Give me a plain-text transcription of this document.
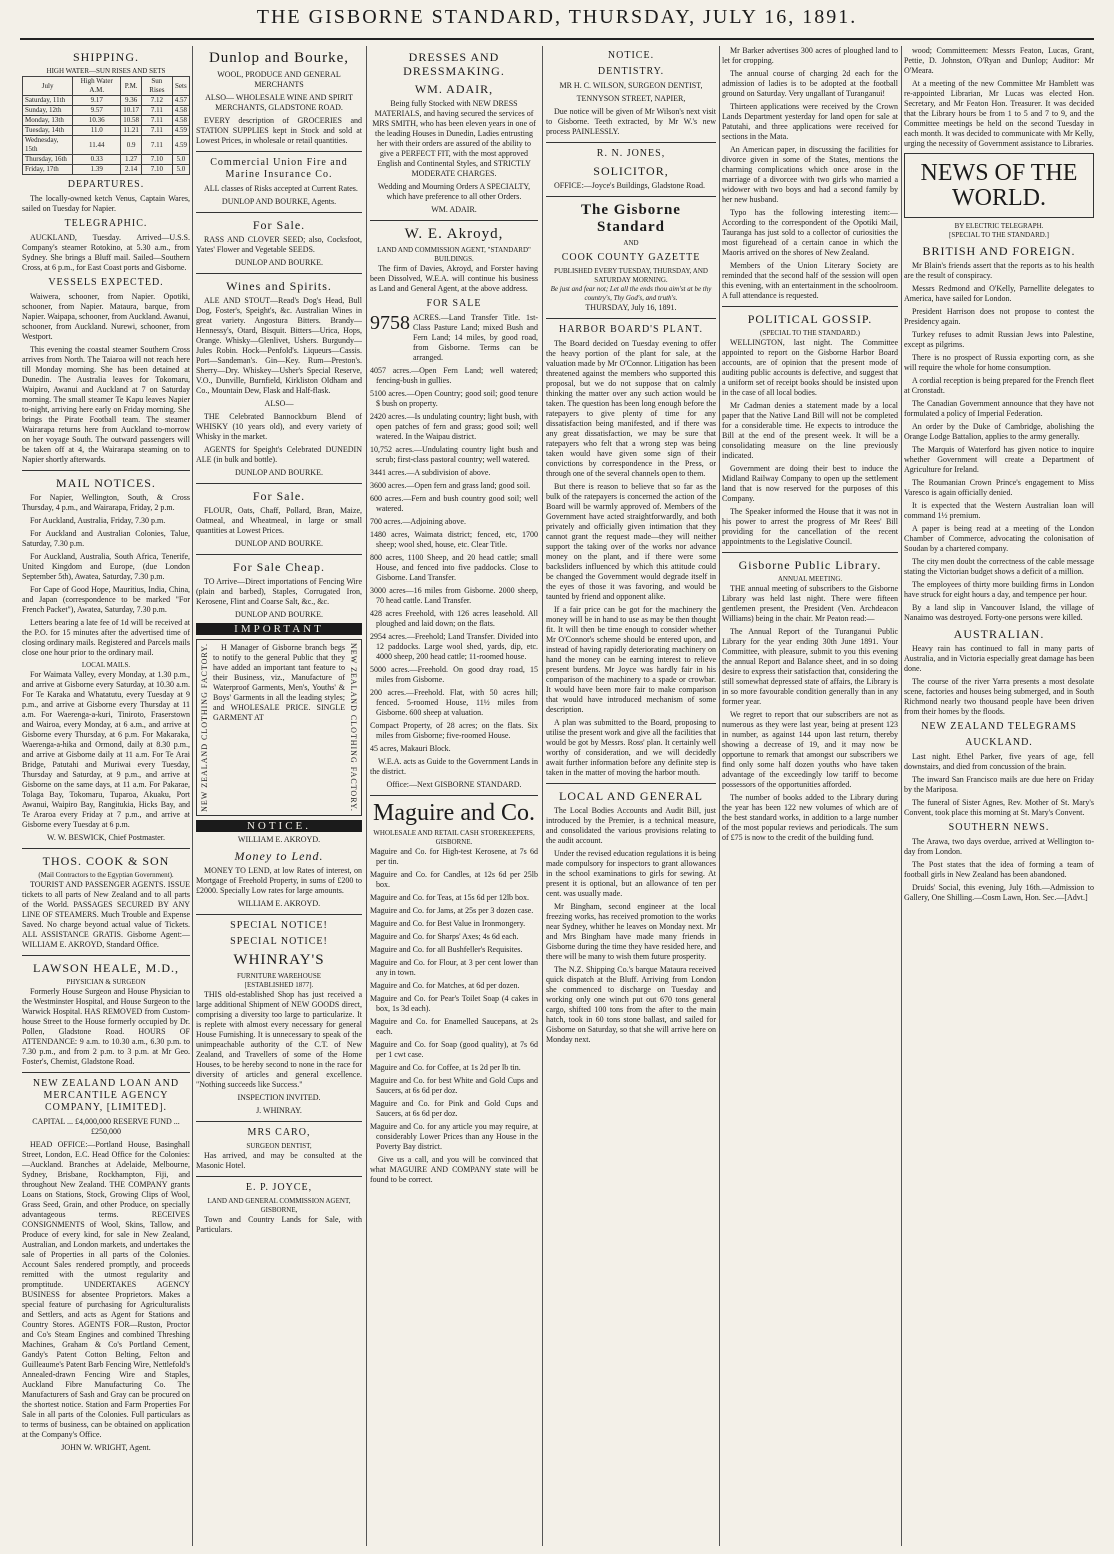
THE GISBORNE STANDARD, THURSDAY, JULY 16, 1891.
SHIPPING.
HIGH WATER—SUN RISES AND SETS
July	High Water A.M.	P.M.	Sun Rises	Sets
Saturday, 11th	9.17	9.36	7.12	4.57
Sunday, 12th	9.57	10.17	7.11	4.58
Monday, 13th	10.36	10.58	7.11	4.58
Tuesday, 14th	11.0	11.21	7.11	4.59
Wednesday, 15th	11.44	0.9	7.11	4.59
Thursday, 16th	0.33	1.27	7.10	5.0
Friday, 17th	1.39	2.14	7.10	5.0
DEPARTURES.

The locally-owned ketch Venus, Captain Wares, sailed on Tuesday for Napier.

TELEGRAPHIC.

AUCKLAND, Tuesday. Arrived—U.S.S. Company's steamer Rotokino, at 5.30 a.m., from Sydney. She brings a Bluff mail. Sailed—Southern Cross, at 6 p.m., for East Coast ports and Gisborne.

VESSELS EXPECTED.

Waiwera, schooner, from Napier. Opotiki, schooner, from Napier. Mataura, barque, from Napier. Waipapa, schooner, from Auckland. Awanui, schooner, from Auckland. Nurewi, schooner, from Westport.

This evening the coastal steamer Southern Cross arrives from North. The Taiaroa will not reach here till Monday morning. She has been detained at Dunedin. The Australia leaves for Tokomaru, Waipiro, Awanui and Auckland at 7 on Saturday morning. The small steamer Te Kapu leaves Napier to-night, arriving here early on Friday morning. She brings the Pirate Football team. The steamer Wairarapa returns here from Auckland to-morrow on her voyage South. The outward passengers will be taken off at 4, the Wairarapa steaming on to Napier shortly afterwards.

MAIL NOTICES.

For Napier, Wellington, South, & Cross Thursday, 4 p.m., and Wairarapa, Friday, 2 p.m.

For Auckland, Australia, Friday, 7.30 p.m.

For Auckland and Australian Colonies, Talue, Saturday, 7.30 p.m.

For Auckland, Australia, South Africa, Tenerife, United Kingdom and Europe, (due London September 5th), Awatea, Saturday, 7.30 p.m.

For Cape of Good Hope, Mauritius, India, China, and Japan (correspondence to be marked "For French Packet"), Awatea, Saturday, 7.30 p.m.

Letters bearing a late fee of 1d will be received at the P.O. for 15 minutes after the advertised time of closing ordinary mails. Registered and Parcels mails close one hour prior to the ordinary mail.

LOCAL MAILS.

For Waimata Valley, every Monday, at 1.30 p.m., and arrive at Gisborne every Saturday, at 10.30 a.m. For Te Karaka and Whatatutu, every Tuesday at 9 p.m., and arrive at Gisborne every Thursday at 11 a.m. For Waerenga-a-kuri, Tiniroto, Fraserstown and Wairoa, every Monday, at 6 a.m., and arrive at Gisborne every Thursday, at 6 p.m. For Makaraka, Waerenga-a-hika and Ormond, daily at 8.30 p.m., and arrive at Gisborne daily at 11 a.m. For Te Arai Bridge, Patutahi and Muriwai every Tuesday, Thursday and Saturday, at 9 p.m., and arrive at Gisborne on the same days, at 11 a.m. For Pakarae, Tolaga Bay, Tokomaru, Tuparoa, Akuaku, Port Awanui, Waipiro Bay, Rangitukia, Hicks Bay, and Te Araroa every Friday at 7 p.m., and arrive at Gisborne every Tuesday at 6 p.m.

W. W. BESWICK, Chief Postmaster.

THOS. COOK & SON
(Mail Contractors to the Egyptian Government).

TOURIST AND PASSENGER AGENTS. ISSUE tickets to all parts of New Zealand and to all parts of the World. PASSAGES SECURED BY ANY LINE OF STEAMERS. Much Trouble and Expense Saved. No charge beyond actual value of Tickets. ALL ASSISTANCE GRATIS. Gisborne Agent:—WILLIAM E. AKROYD, Standard Office.

LAWSON HEALE, M.D.,
PHYSICIAN & SURGEON

Formerly House Surgeon and House Physician to the Westminster Hospital, and House Surgeon to the Warwick Hospital. HAS REMOVED from Custom-house Street to the House formerly occupied by Dr. Pollen, Gladstone Road. HOURS OF ATTENDANCE: 9 a.m. to 10.30 a.m., 6.30 p.m. to 7.30 p.m., and from 2 p.m. to 3 p.m. at Mr Geo. Foster's, Chemist, Gladstone Road.

NEW ZEALAND LOAN AND MERCANTILE AGENCY COMPANY, [LIMITED].

CAPITAL ... £4,000,000 RESERVE FUND ... £250,000

HEAD OFFICE:—Portland House, Basinghall Street, London, E.C. Head Office for the Colonies:—Auckland. Branches at Adelaide, Melbourne, Sydney, Brisbane, Rockhampton, Fiji, and throughout New Zealand. THE COMPANY grants Loans on Stations, Stock, Growing Clips of Wool, Grass Seed, Grain, and other Produce, on specially advantageous terms. RECEIVES CONSIGNMENTS of Wool, Skins, Tallow, and Produce of every kind, for sale in New Zealand, Australian, and London markets, and undertakes the sale of Properties in all parts of the Colonies. Account Sales rendered promptly, and proceeds remitted with the utmost regularity and promptitude. UNDERTAKES AGENCY BUSINESS for absentee Proprietors. Makes a special feature of purchasing for Agriculturalists and Settlers, and acts as Agent for Stations and Country Stores. AGENTS FOR—Ruston, Proctor and Co's Steam Engines and combined Threshing Machines, Graham & Co's Portland Cement, Gandy's Patent Cotton Belting, Felton and Guilleaume's Patent Barb Fencing Wire, Nettlefold's Annealed-drawn Fencing Wire and Staples, Auckland Fibre Manufacturing Co. The Manufacturers of Sash and Gray can be procured on the shortest notice. Station and Farm Properties For Sale in all parts of the Colonies. Full particulars as to terms of business, can be obtained on application at the Company's Office.

JOHN W. WRIGHT, Agent.

Dunlop and Bourke,

WOOL, PRODUCE AND GENERAL MERCHANTS

ALSO— WHOLESALE WINE AND SPIRIT MERCHANTS, GLADSTONE ROAD.

EVERY description of GROCERIES and STATION SUPPLIES kept in Stock and sold at Lowest Prices, in wholesale or retail quantities.

Commercial Union Fire and Marine Insurance Co.

ALL classes of Risks accepted at Current Rates.

DUNLOP AND BOURKE, Agents.

For Sale.

RASS AND CLOVER SEED; also, Cocksfoot, Yates' Flower and Vegetable SEEDS.

DUNLOP AND BOURKE.

Wines and Spirits.

ALE AND STOUT—Read's Dog's Head, Bull Dog, Foster's, Speight's, &c. Australian Wines in great variety. Angostura Bitters. Brandy—Hennessy's, Otard, Bisquit. Bitters—Urica, Hops, Orange. Whisky—Glenlivet, Ushers. Burgundy—Jules Robin. Hock—Penfold's. Liqueurs—Cassis. Port—Sandeman's. Gin—Key. Rum—Preston's. Sherry—Dry. Whiskey—Usher's Special Reserve, V.O., Dunville, Burnfield, Kirkliston Oldham and Co., Mountain Dew, Flask and Half-flask.

ALSO—

THE Celebrated Bannockburn Blend of WHISKY (10 years old), and every variety of Whisky in the market.

AGENTS for Speight's Celebrated DUNEDIN ALE (in bulk and bottle).

DUNLOP AND BOURKE.

For Sale.

FLOUR, Oats, Chaff, Pollard, Bran, Maize, Oatmeal, and Wheatmeal, in large or small quantities at Lowest Prices.

DUNLOP AND BOURKE.

For Sale Cheap.

TO Arrive—Direct importations of Fencing Wire (plain and barbed), Staples, Corrugated Iron, Kerosene, Flint and Coarse Salt, &c., &c.

DUNLOP AND BOURKE.

IMPORTANT
NEW ZEALAND CLOTHING FACTORY.	H Manager of Gisborne branch begs to notify to the general Public that they have added an important tant feature to their Business, viz., Manufacture of Waterproof Garments, Men's, Youths' & Boys' Garments in all the leading styles; and WHOLESALE PRICE. SINGLE GARMENT AT	NEW ZEALAND CLOTHING FACTORY.
NOTICE.

WILLIAM E. AKROYD.

Money to Lend.

MONEY TO LEND, at low Rates of interest, on Mortgage of Freehold Property, in sums of £200 to £2000. Specially Low rates for large amounts.

WILLIAM E. AKROYD.

SPECIAL NOTICE!
SPECIAL NOTICE!
WHINRAY'S
FURNITURE WAREHOUSE
[ESTABLISHED 1877].

THIS old-established Shop has just received a large additional Shipment of NEW GOODS direct, comprising a diversity too large to particularize. It is replete with almost every necessary for general House Furnishing. It is unnecessary to speak of the unimpeachable authority of the C.T. of New Zealand, and Travellers of some of the Home Houses, to be hereby second to none in the race for diversity of articles and general excellence. "Nothing succeeds like Success."

INSPECTION INVITED.

J. WHINRAY.

MRS CARO,
SURGEON DENTIST,

Has arrived, and may be consulted at the Masonic Hotel.

E. P. JOYCE,
LAND AND GENERAL COMMISSION AGENT, GISBORNE,

Town and Country Lands for Sale, with Particulars.

DRESSES AND DRESSMAKING.
WM. ADAIR,

Being fully Stocked with NEW DRESS MATERIALS, and having secured the services of MRS SMITH, who has been eleven years in one of the leading Houses in Dunedin, Ladies entrusting her with their orders are assured of the ability to give a PERFECT FIT, with the most approved English and Continental Styles, and STRICTLY MODERATE CHARGES.

Wedding and Mourning Orders A SPECIALTY, which have preference to all other Orders.

WM. ADAIR.

W. E. Akroyd,
LAND AND COMMISSION AGENT, "STANDARD" BUILDINGS.

The firm of Davies, Akroyd, and Forster having been Dissolved, W.E.A. will continue his business as Land and General Agent, at the above address.

FOR SALE
9758 ACRES.—Land Transfer Title. 1st-Class Pasture Land; mixed Bush and Fern Land; 14 miles, by good road, from Gisborne. Terms can be arranged.

4057 acres.—Open Fern Land; well watered; fencing-bush in gullies.

5100 acres.—Open Country; good soil; good tenure $ bush on property.

2420 acres.—Is undulating country; light bush, with open patches of fern and grass; good soil; well watered. In the Waipau district.

10,752 acres.—Undulating country light bush and scrub; first-class pastoral country; well watered.

3441 acres.—A subdivision of above.

3600 acres.—Open fern and grass land; good soil.

600 acres.—Fern and bush country good soil; well watered.

700 acres.—Adjoining above.

1480 acres, Waimata district; fenced, etc, 1700 sheep; wool shed, house, etc. Clear Title.

800 acres, 1100 Sheep, and 20 head cattle; small House, and fenced into five paddocks. Close to Gisborne. Land Transfer.

3000 acres—16 miles from Gisborne. 2000 sheep, 70 head cattle. Land Transfer.

428 acres Freehold, with 126 acres leasehold. All ploughed and laid down; on the flats.

2954 acres.—Freehold; Land Transfer. Divided into 12 paddocks. Large wool shed, yards, dip, etc. 4000 sheep, 200 head cattle; 11-roomed house.

5000 acres.—Freehold. On good dray road, 15 miles from Gisborne.

200 acres.—Freehold. Flat, with 50 acres hill; fenced. 5-roomed House, 11½ miles from Gisborne. 600 sheep at valuation.

Compact Property, of 28 acres; on the flats. Six miles from Gisborne; five-roomed House.

45 acres, Makauri Block.

W.E.A. acts as Guide to the Government Lands in the district.

Office:—Next GISBORNE STANDARD.

Maguire and Co.
WHOLESALE AND RETAIL CASH STOREKEEPERS, GISBORNE.

Maguire and Co. for High-test Kerosene, at 7s 6d per tin.

Maguire and Co. for Candles, at 12s 6d per 25lb box.

Maguire and Co. for Teas, at 15s 6d per 12lb box.

Maguire and Co. for Jams, at 25s per 3 dozen case.

Maguire and Co. for Best Value in Ironmongery.

Maguire and Co. for Sharps' Axes; 4s 6d each.

Maguire and Co. for all Bushfeller's Requisites.

Maguire and Co. for Flour, at 3 per cent lower than any in town.

Maguire and Co. for Matches, at 6d per dozen.

Maguire and Co. for Pear's Toilet Soap (4 cakes in box, 1s 3d each).

Maguire and Co. for Enamelled Saucepans, at 2s each.

Maguire and Co. for Soap (good quality), at 7s 6d per 1 cwt case.

Maguire and Co. for Coffee, at 1s 2d per lb tin.

Maguire and Co. for best White and Gold Cups and Saucers, at 6s 6d per doz.

Maguire and Co. for Pink and Gold Cups and Saucers, at 6s 6d per doz.

Maguire and Co. for any article you may require, at considerably Lower Prices than any House in the Poverty Bay district.

Give us a call, and you will be convinced that what MAGUIRE AND COMPANY state will be found to be correct.

NOTICE.
DENTISTRY.

MR H. C. WILSON, SURGEON DENTIST,

TENNYSON STREET, NAPIER,

Due notice will be given of Mr Wilson's next visit to Gisborne. Teeth extracted, by Mr W.'s new process PAINLESSLY.

R. N. JONES,
SOLICITOR,

OFFICE:—Joyce's Buildings, Gladstone Road.

The Gisborne Standard
AND
COOK COUNTY GAZETTE
PUBLISHED EVERY TUESDAY, THURSDAY, AND SATURDAY MORNING.
Be just and fear not; Let all the ends thou aim'st at be thy country's, Thy God's, and truth's.

THURSDAY, July 16, 1891.

HARBOR BOARD'S PLANT.

The Board decided on Tuesday evening to offer the heavy portion of the plant for sale, at the valuation made by Mr O'Connor. Litigation has been threatened against the members who supported this proposal, but we do not suppose that on calmly thinking the matter over any such action would be taken. The question has been long enough before the ratepayers to give plenty of time for any dissatisfaction being manifested, and if there was any great dissatisfaction, we may be sure that ratepayers who felt that a wrong step was being taken would have given some sign of their convictions by correspondence in the Press, or through one of the several channels open to them.

But there is reason to believe that so far as the bulk of the ratepayers is concerned the action of the Board will be warmly approved of. Members of the Government have acted straightforwardly, and both privately and officially given intimation that they cannot grant the request made—they will neither support the taking over of the works nor advance money on the plant, and if there were some backsliders influenced by which this attitude could be changed the Government would degrade itself in the eyes of those it was favoring, and would be taunted by friend and opponent alike.

If a fair price can be got for the machinery the money will be in hand to use as may be then thought fit. It will then be time enough to consider whether Mr O'Connor's scheme should be entered upon, and instead of having rapidly deteriorating machinery on hand the money can be earning interest to relieve present burdens. Mr Joyce was hardly fair in his comparison of the machinery to a spade or crowbar. It would have been more fair to make comparison that would have introduced mechanism of some description.

A plan was submitted to the Board, proposing to utilise the present work and give all the facilities that would be got by Messrs. Ross' plan. It certainly well worthy of consideration, and we will decidedly await further information before any definite step is taken in the matter of moving the harbor mouth.

LOCAL AND GENERAL

The Local Bodies Accounts and Audit Bill, just introduced by the Premier, is a technical measure, and consolidated the various provisions relating to the audit account.

Under the revised education regulations it is being made compulsory for inspectors to grant allowances in the school examinations to girls for sewing. At present it is optional, but an allowance of ten per cent. was usually made.

Mr Bingham, second engineer at the local freezing works, has received promotion to the works near Sydney, whither he leaves on Monday next. Mr and Mrs Bingham have made many friends in Gisborne during the time they have resided here, and there will be many to wish them future prosperity.

The N.Z. Shipping Co.'s barque Mataura received quick dispatch at the Bluff. Arriving from London she commenced to discharge on Tuesday and working only one winch put out 670 tons general cargo, shifted 100 tons from the after to the main hatch, took in 60 tons stone ballast, and sailed for Gisborne on Saturday, so that she will arrive here on Monday next.

Mr Barker advertises 300 acres of ploughed land to let for cropping.

The annual course of charging 2d each for the admission of ladies is to be adopted at the football ground on Saturday. Very ungallant of Turanganui!

Thirteen applications were received by the Crown Lands Department yesterday for land open for sale at Patutahi, and three applications were received for sections in the Mata.

An American paper, in discussing the facilities for divorce given in some of the States, mentions the charming complications which once arose in the marriage of a divorcee with two girls who married a widower with two boys and had a second family by her new husband.

Typo has the following interesting item:—According to the correspondent of the Opotiki Mail, Tauranga has just sold to a collector of curiosities the most figurehead of a certain canoe in which the Maoris arrived on the shores of New Zealand.

Members of the Union Literary Society are reminded that the second half of the session will open this evening, with an entertainment in the schoolroom. A full attendance is requested.

POLITICAL GOSSIP.
(SPECIAL TO THE STANDARD.)

WELLINGTON, last night. The Committee appointed to report on the Gisborne Harbor Board accounts, are of opinion that the present mode of auditing public accounts is defective, and suggest that a uniform set of receipt books should be insisted upon in the case of all local bodies.

Mr Cadman denies a statement made by a local paper that the Native Land Bill will not be completed for a considerable time. He expects to introduce the Bill at the end of the present week. It will be a consolidating measure on the line previously indicated.

Government are doing their best to induce the Midland Railway Company to open up the settlement land that is now reserved for the purposes of this Company.

The Speaker informed the House that it was not in his power to arrest the progress of Mr Rees' Bill providing for the cancellation of the recent appointments to the Legislative Council.

Gisborne Public Library.
ANNUAL MEETING.

THE annual meeting of subscribers to the Gisborne Library was held last night. There were fifteen gentlemen present, the President (Ven. Archdeacon Williams) being in the chair. Mr Peaton read:—

The Annual Report of the Turanganui Public Library for the year ending 30th June 1891. Your Committee, with pleasure, submit to you this evening the annual Report and Balance sheet, and in so doing desire to express their satisfaction that, considering the still somewhat depressed state of affairs, the Library is in so more favourable condition generally than in any former year.

We regret to report that our subscribers are not as numerous as they were last year, being at present 123 in number, as against 144 upon last return, thereby showing a decrease of 19, and it may now be opportune to remark that amongst our subscribers we find only some half dozen youths who have taken advantage of the exceedingly low tariff to become possessors of the opportunities afforded.

The number of books added to the Library during the year has been 122 new volumes of which are of the best standard works, in addition to a large number of the most popular reviews and periodicals. The sum of £75 is now to the credit of the building fund.

wood; Committeemen: Messrs Featon, Lucas, Grant, Pettie, D. Johnston, O'Ryan and Dunlop; Auditor: Mr O'Meara.

At a meeting of the new Committee Mr Hamblett was re-appointed Librarian, Mr Lucas was elected Hon. Secretary, and Mr Featon Hon. Treasurer. It was decided that the Library hours be from 1 to 5 and 7 to 9, and the Committee meetings be held on the second Tuesday in each month. It was decided to communicate with Mr Kelly, urging the necessity of Government assistance to Libraries.

NEWS OF THE WORLD.
BY ELECTRIC TELEGRAPH.
[SPECIAL TO THE STANDARD.]
BRITISH AND FOREIGN.

Mr Blain's friends assert that the reports as to his health are the result of conspiracy.

Messrs Redmond and O'Kelly, Parnellite delegates to America, have sailed for London.

President Harrison does not propose to contest the Presidency again.

Turkey refuses to admit Russian Jews into Palestine, except as pilgrims.

There is no prospect of Russia exporting corn, as she will require the whole for home consumption.

A cordial reception is being prepared for the French fleet at Cronstadt.

The Canadian Government announce that they have not formulated a policy of Imperial Federation.

An order by the Duke of Cambridge, abolishing the Orange Lodge Battalion, applies to the army generally.

The Marquis of Waterford has given notice to inquire whether Government will create a Department of Agriculture for Ireland.

The Roumanian Crown Prince's engagement to Miss Varesco is again officially denied.

It is expected that the Western Australian loan will command 1½ premium.

A paper is being read at a meeting of the London Chamber of Commerce, advocating the colonisation of Soudan by a chartered company.

The city men doubt the correctness of the cable message stating the Victorian budget shows a deficit of a million.

The employees of thirty more building firms in London have struck for eight hours a day, and tempence per hour.

By a land slip in Vancouver Island, the village of Nanaimo was destroyed. Forty-one persons were killed.

AUSTRALIAN.

Heavy rain has continued to fall in many parts of Australia, and in Victoria especially great damage has been done.

The course of the river Yarra presents a most desolate scene, factories and houses being submerged, and in South Richmond nearly two thousand people have been driven from their homes by the floods.

NEW ZEALAND TELEGRAMS
AUCKLAND.

Last night. Ethel Parker, five years of age, fell downstairs, and died from concussion of the brain.

The inward San Francisco mails are due here on Friday by the Mariposa.

The funeral of Sister Agnes, Rev. Mother of St. Mary's Convent, took place this morning at St. Mary's Convent.

SOUTHERN NEWS.

The Arawa, two days overdue, arrived at Wellington to-day from London.

The Post states that the idea of forming a team of football girls in New Zealand has been abandoned.

Druids' Social, this evening, July 16th.—Admission to Gallery, One Shilling.—Cosm Lawn, Hon. Sec.—[Advt.]
